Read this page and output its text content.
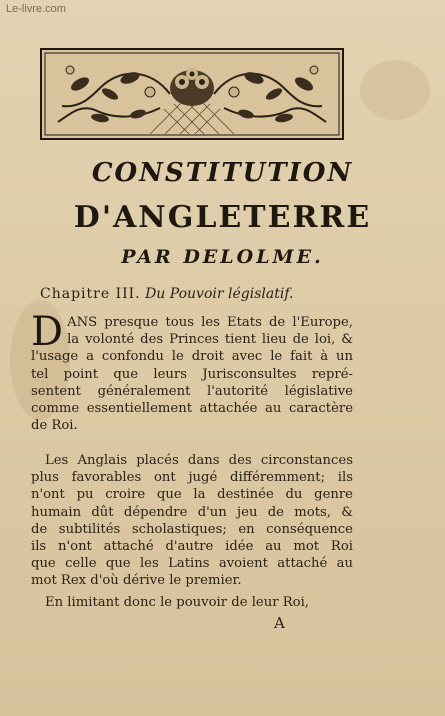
Le-livre.com
CONSTITUTION
D'ANGLETERRE
PAR DELOLME.
Chapitre III. Du Pouvoir législatif.
D ANS presque tous les Etats de l'Europe,
la volonté des Princes tient lieu de loi, &
l'usage a confondu le droit avec le fait à un
tel point que leurs Jurisconsultes repré-
sentent généralement l'autorité législative
comme essentiellement attachée au caractère
de Roi.
Les Anglais placés dans des circonstances
plus favorables ont jugé différemment; ils
n'ont pu croire que la destinée du genre
humain dût dépendre d'un jeu de mots, &
de subtilités scholastiques; en conséquence
ils n'ont attaché d'autre idée au mot Roi
que celle que les Latins avoient attaché au
mot Rex d'où dérive le premier.
En limitant donc le pouvoir de leur Roi,
A
